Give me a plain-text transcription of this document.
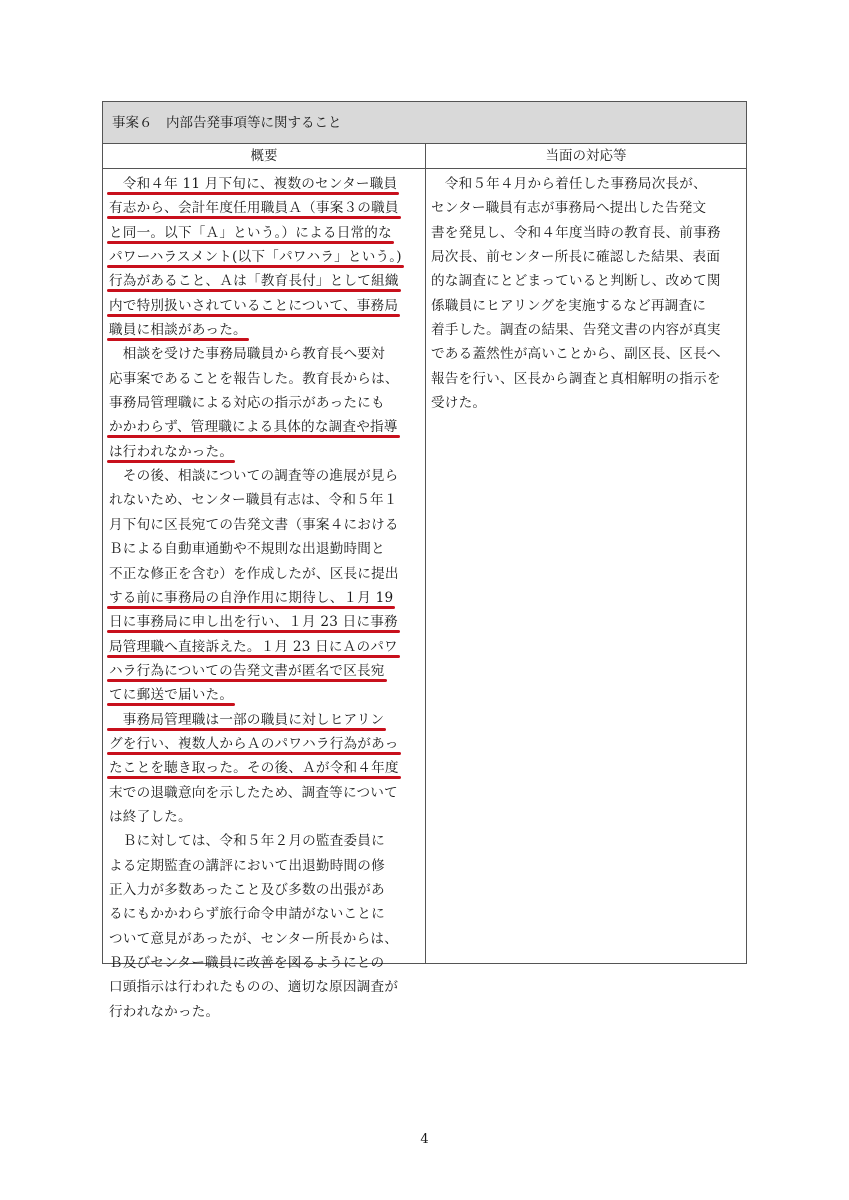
事案６　内部告発事項等に関すること
概要	当面の対応等
　令和４年 11 月下旬に、複数のセンター職員
有志から、会計年度任用職員Ａ（事案３の職員
と同一。以下「Ａ」という。）による日常的な
パワーハラスメント(以下「パワハラ」という。)
行為があること、Ａは「教育長付」として組織
内で特別扱いされていることについて、事務局
職員に相談があった。
　相談を受けた事務局職員から教育長へ要対
応事案であることを報告した。教育長からは、
事務局管理職による対応の指示があったにも
かかわらず、管理職による具体的な調査や指導
は行われなかった。
　その後、相談についての調査等の進展が見ら
れないため、センター職員有志は、令和５年１
月下旬に区長宛ての告発文書（事案４における
Ｂによる自動車通勤や不規則な出退勤時間と
不正な修正を含む）を作成したが、区長に提出
する前に事務局の自浄作用に期待し、１月 19
日に事務局に申し出を行い、１月 23 日に事務
局管理職へ直接訴えた。１月 23 日にＡのパワ
ハラ行為についての告発文書が匿名で区長宛
てに郵送で届いた。
　事務局管理職は一部の職員に対しヒアリン
グを行い、複数人からＡのパワハラ行為があっ
たことを聴き取った。その後、Ａが令和４年度
末での退職意向を示したため、調査等について
は終了した。
　Ｂに対しては、令和５年２月の監査委員に
よる定期監査の講評において出退勤時間の修
正入力が多数あったこと及び多数の出張があ
るにもかかわらず旅行命令申請がないことに
ついて意見があったが、センター所長からは、
Ｂ及びセンター職員に改善を図るようにとの
口頭指示は行われたものの、適切な原因調査が
行われなかった。
　令和５年４月から着任した事務局次長が、
センター職員有志が事務局へ提出した告発文
書を発見し、令和４年度当時の教育長、前事務
局次長、前センター所長に確認した結果、表面
的な調査にとどまっていると判断し、改めて関
係職員にヒアリングを実施するなど再調査に
着手した。調査の結果、告発文書の内容が真実
である蓋然性が高いことから、副区長、区長へ
報告を行い、区長から調査と真相解明の指示を
受けた。
4
